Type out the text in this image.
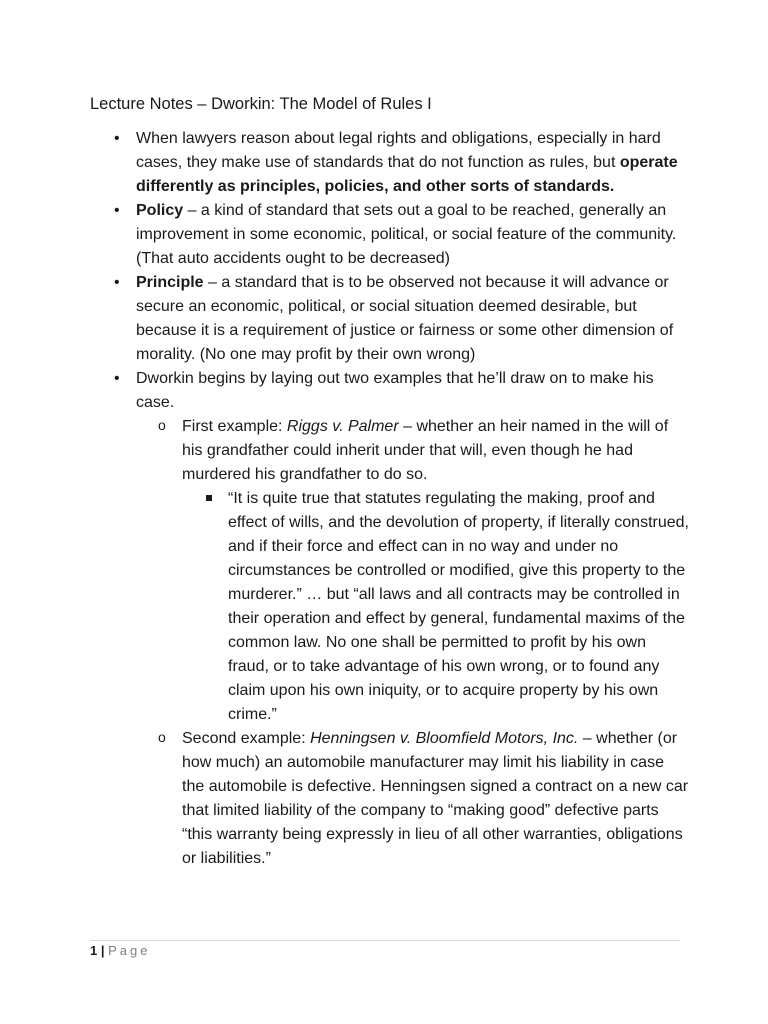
Lecture Notes – Dworkin: The Model of Rules I
• When lawyers reason about legal rights and obligations, especially in hard cases, they make use of standards that do not function as rules, but operate differently as principles, policies, and other sorts of standards.
• Policy – a kind of standard that sets out a goal to be reached, generally an improvement in some economic, political, or social feature of the community. (That auto accidents ought to be decreased)
• Principle – a standard that is to be observed not because it will advance or secure an economic, political, or social situation deemed desirable, but because it is a requirement of justice or fairness or some other dimension of morality. (No one may profit by their own wrong)
• Dworkin begins by laying out two examples that he’ll draw on to make his case.
o First example: Riggs v. Palmer – whether an heir named in the will of his grandfather could inherit under that will, even though he had murdered his grandfather to do so.
“It is quite true that statutes regulating the making, proof and effect of wills, and the devolution of property, if literally construed, and if their force and effect can in no way and under no circumstances be controlled or modified, give this property to the murderer.” … but “all laws and all contracts may be controlled in their operation and effect by general, fundamental maxims of the common law. No one shall be permitted to profit by his own fraud, or to take advantage of his own wrong, or to found any claim upon his own iniquity, or to acquire property by his own crime.”
o Second example: Henningsen v. Bloomfield Motors, Inc. – whether (or how much) an automobile manufacturer may limit his liability in case the automobile is defective. Henningsen signed a contract on a new car that limited liability of the company to “making good” defective parts “this warranty being expressly in lieu of all other warranties, obligations or liabilities.”
1 | Page
